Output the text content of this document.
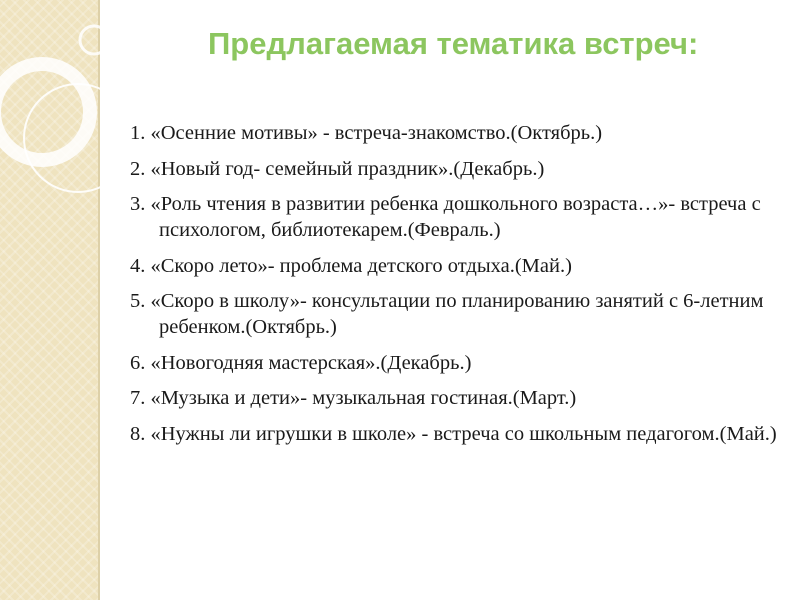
Предлагаемая тематика встреч:
1. «Осенние мотивы» - встреча-знакомство.(Октябрь.)
2. «Новый год- семейный праздник».(Декабрь.)
3. «Роль чтения в развитии ребенка дошкольного возраста…»- встреча с психологом, библиотекарем.(Февраль.)
4. «Скоро лето»- проблема детского отдыха.(Май.)
5. «Скоро в школу»- консультации по планированию занятий с 6-летним ребенком.(Октябрь.)
6. «Новогодняя мастерская».(Декабрь.)
7. «Музыка и дети»- музыкальная гостиная.(Март.)
8. «Нужны ли игрушки в школе» - встреча со школьным педагогом.(Май.)
